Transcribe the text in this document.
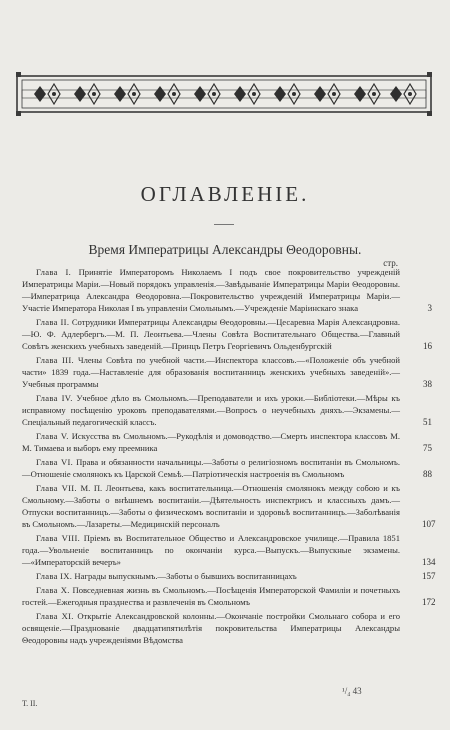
ОГЛАВЛЕНІЕ.
Время Императрицы Александры Θеодоровны.
стр.
Глава I. Принятіе Императоромъ Николаемъ I подъ свое покровительство учрежденій Императрицы Маріи.—Новый порядокъ управленія.—Завѣдываніе Императрицы Маріи Θеодоровны.—Императрица Александра Θеодоровна.—Покровительство учрежденій Императрицы Маріи.—Участіе Императора Николая I въ управленіи Смольнымъ.—Учрежденіе Маріинскаго знака	3
Глава II. Сотрудники Императрицы Александры Θеодоровны.—Цесаревна Марія Александровна.—Ю. Ф. Адлербергъ.—М. П. Леонтьева.—Члены Совѣта Воспитательнаго Общества.—Главный Совѣтъ женскихъ учебныхъ заведеній.—Принцъ Петръ Георгіевичъ Ольденбургскій	16
Глава III. Члены Совѣта по учебной части.—Инспектора классовъ.—«Положеніе объ учебной части» 1839 года.—Наставленіе для образованія воспитанницъ женскихъ учебныхъ заведеній».—Учебныя программы	38
Глава IV. Учебное дѣло въ Смольномъ.—Преподаватели и ихъ уроки.—Библіотеки.—Мѣры къ исправному посѣщенію уроковъ преподавателями.—Вопросъ о неучебныхъ дняхъ.—Экзамены.—Спеціальный педагогическій классъ.	51
Глава V. Искусства въ Смольномъ.—Рукодѣлія и домоводство.—Смерть инспектора классовъ М. М. Тимаева и выборъ ему преемника	75
Глава VI. Права и обязанности начальницы.—Заботы о религіозномъ воспитаніи въ Смольномъ.—Отношеніе смолянокъ къ Царской Семьѣ.—Патріотическія настроенія въ Смольномъ	88
Глава VII. М. П. Леонтьева, какъ воспитательница.—Отношенія смолянокъ между собою и къ Смольному.—Заботы о внѣшнемъ воспитаніи.—Дѣятельность инспектрисъ и классныхъ дамъ.—Отпуски воспитанницъ.—Заботы о физическомъ воспитаніи и здоровьѣ воспитанницъ.—Заболѣванія въ Смольномъ.—Лазареты.—Медицинскій персоналъ	107
Глава VIII. Пріемъ въ Воспитательное Общество и Александровское училище.—Правила 1851 года.—Увольненіе воспитанницъ по окончаніи курса.—Выпускъ.—Выпускные экзамены.—«Императорскій вечеръ»	134
Глава IX. Награды выпускнымъ.—Заботы о бывшихъ воспитанницахъ	157
Глава X. Повседневная жизнь въ Смольномъ.—Посѣщенія Императорской Фамиліи и почетныхъ гостей.—Ежегодныя празднества и развлеченія въ Смольномъ	172
Глава XI. Открытіе Александровской колонны.—Окончаніе постройки Смольнаго собора и его освященіе.—Празднованіе двадцатипятилѣтія покровительства Императрицы Александры Θеодоровны надъ учрежденіями Вѣдомства
Т. II.
¹/₄ 43
